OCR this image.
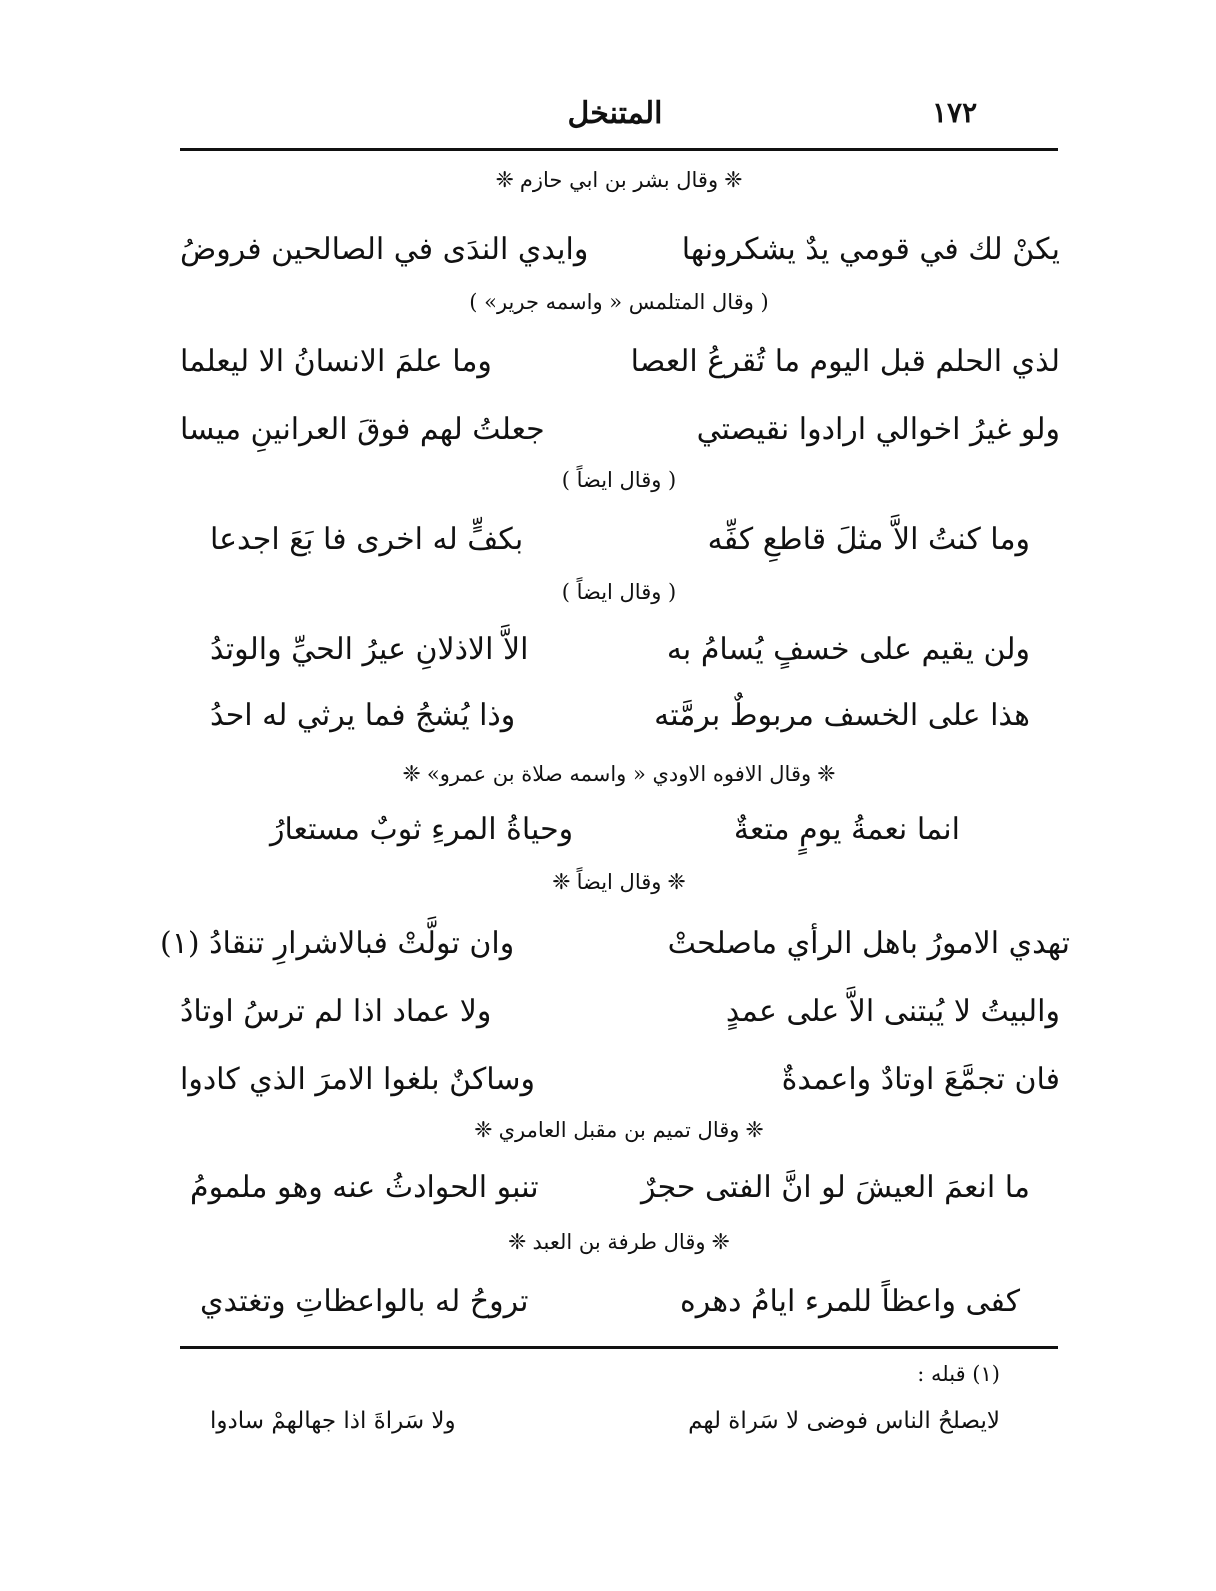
١٧٢
المتنخل
❈وقال بشر بن ابي حازم❈
يكنْ لك في قومي يدٌ يشكرونها
وايدي الندَى في الصالحين فروضُ
( وقال المتلمس « واسمه جرير» )
لذي الحلم قبل اليوم ما تُقرعُ العصا
وما علمَ الانسانُ الا ليعلما
ولو غيرُ اخوالي ارادوا نقيصتي
جعلتُ لهم فوقَ العرانينِ ميسا
( وقال ايضاً )
وما كنتُ الاَّ مثلَ قاطعِ كفِّه
بكفٍّ له اخرى فا بَعَ اجدعا
( وقال ايضاً )
ولن يقيم على خسفٍ يُسامُ به
الاَّ الاذلانِ عيرُ الحيِّ والوتدُ
هذا على الخسف مربوطٌ برمَّته
وذا يُشجُ فما يرثي له احدُ
❈وقال الافوه الاودي « واسمه صلاة بن عمرو»❈
انما نعمةُ يومٍ متعةٌ
وحياةُ المرءِ ثوبٌ مستعارُ
❈وقال ايضاً❈
تهدي الامورُ باهل الرأي ماصلحتْ
وان تولَّتْ فبالاشرارِ تنقادُ (١)
والبيتُ لا يُبتنى الاَّ على عمدٍ
ولا عماد اذا لم ترسُ اوتادُ
فان تجمَّعَ اوتادٌ واعمدةٌ
وساكنٌ بلغوا الامرَ الذي كادوا
❈وقال تميم بن مقبل العامري❈
ما انعمَ العيشَ لو انَّ الفتى حجرٌ
تنبو الحوادثُ عنه وهو ملمومُ
❈وقال طرفة بن العبد❈
كفى واعظاً للمرء ايامُ دهره
تروحُ له بالواعظاتِ وتغتدي
(١) قبله :
لايصلحُ الناس فوضى لا سَراة لهم
ولا سَراةَ اذا جهالهمْ سادوا
